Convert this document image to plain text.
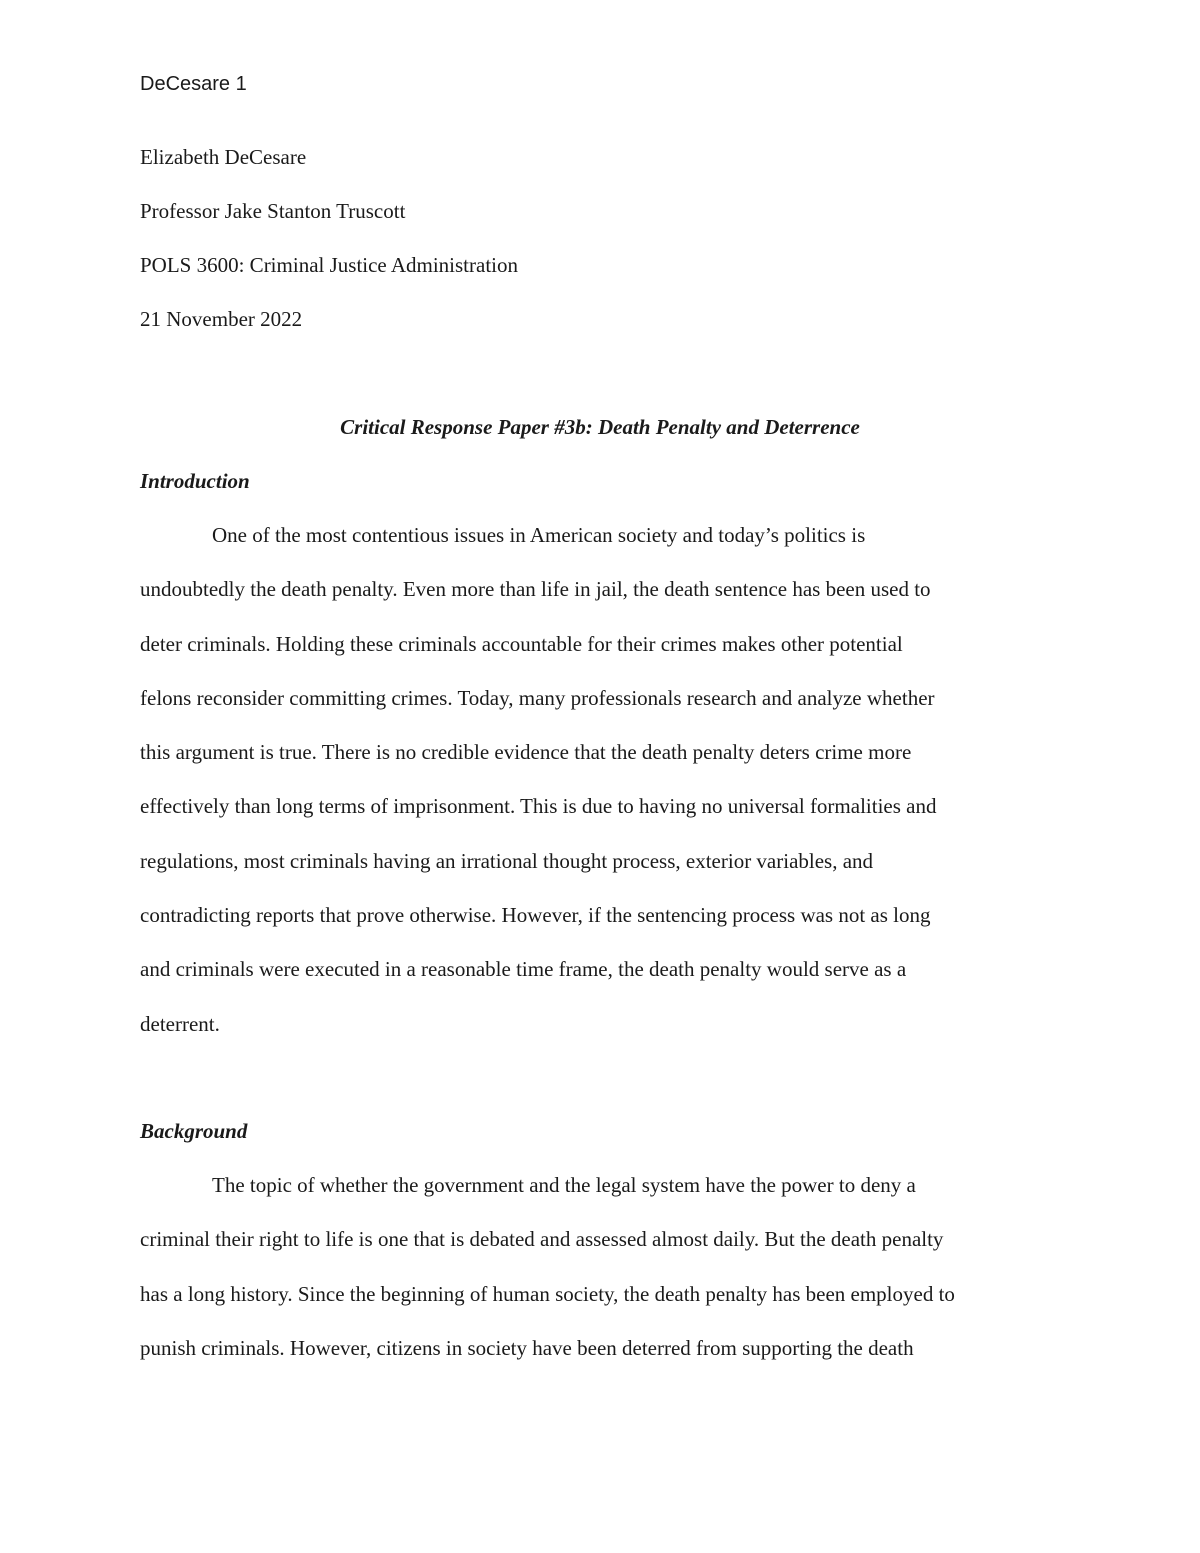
DeCesare 1
Elizabeth DeCesare
Professor Jake Stanton Truscott
POLS 3600: Criminal Justice Administration
21 November 2022
Critical Response Paper #3b: Death Penalty and Deterrence
Introduction
One of the most contentious issues in American society and today’s politics is
undoubtedly the death penalty. Even more than life in jail, the death sentence has been used to
deter criminals. Holding these criminals accountable for their crimes makes other potential
felons reconsider committing crimes. Today, many professionals research and analyze whether
this argument is true. There is no credible evidence that the death penalty deters crime more
effectively than long terms of imprisonment. This is due to having no universal formalities and
regulations, most criminals having an irrational thought process, exterior variables, and
contradicting reports that prove otherwise. However, if the sentencing process was not as long
and criminals were executed in a reasonable time frame, the death penalty would serve as a
deterrent.
Background
The topic of whether the government and the legal system have the power to deny a
criminal their right to life is one that is debated and assessed almost daily. But the death penalty
has a long history. Since the beginning of human society, the death penalty has been employed to
punish criminals. However, citizens in society have been deterred from supporting the death
